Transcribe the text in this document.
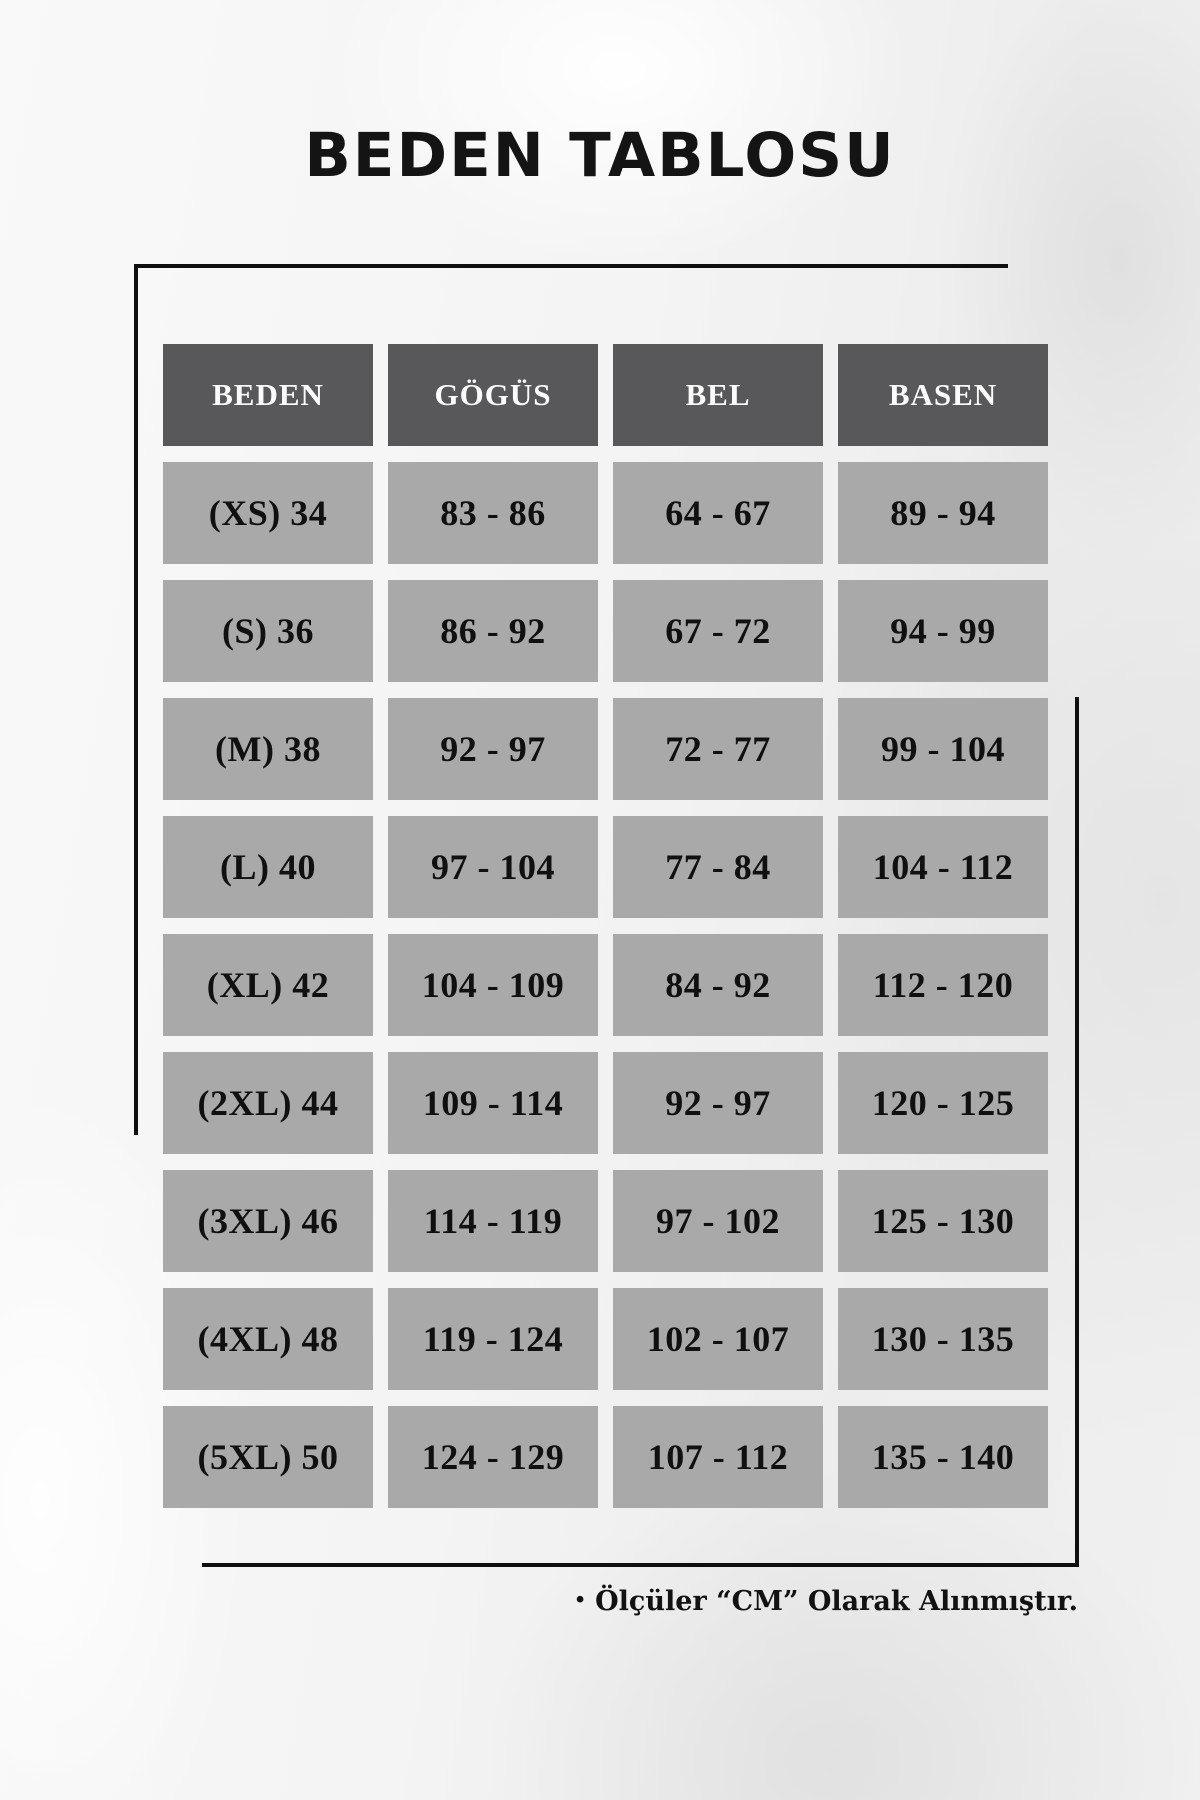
BEDEN TABLOSU
BEDEN	GÖGÜS	BEL	BASEN
(XS) 34	83 - 86	64 - 67	89 - 94
(S) 36	86 - 92	67 - 72	94 - 99
(M) 38	92 - 97	72 - 77	99 - 104
(L) 40	97 - 104	77 - 84	104 - 112
(XL) 42	104 - 109	84 - 92	112 - 120
(2XL) 44	109 - 114	92 - 97	120 - 125
(3XL) 46	114 - 119	97 - 102	125 - 130
(4XL) 48	119 - 124	102 - 107	130 - 135
(5XL) 50	124 - 129	107 - 112	135 - 140

• Ölçüler “CM” Olarak Alınmıştır.
